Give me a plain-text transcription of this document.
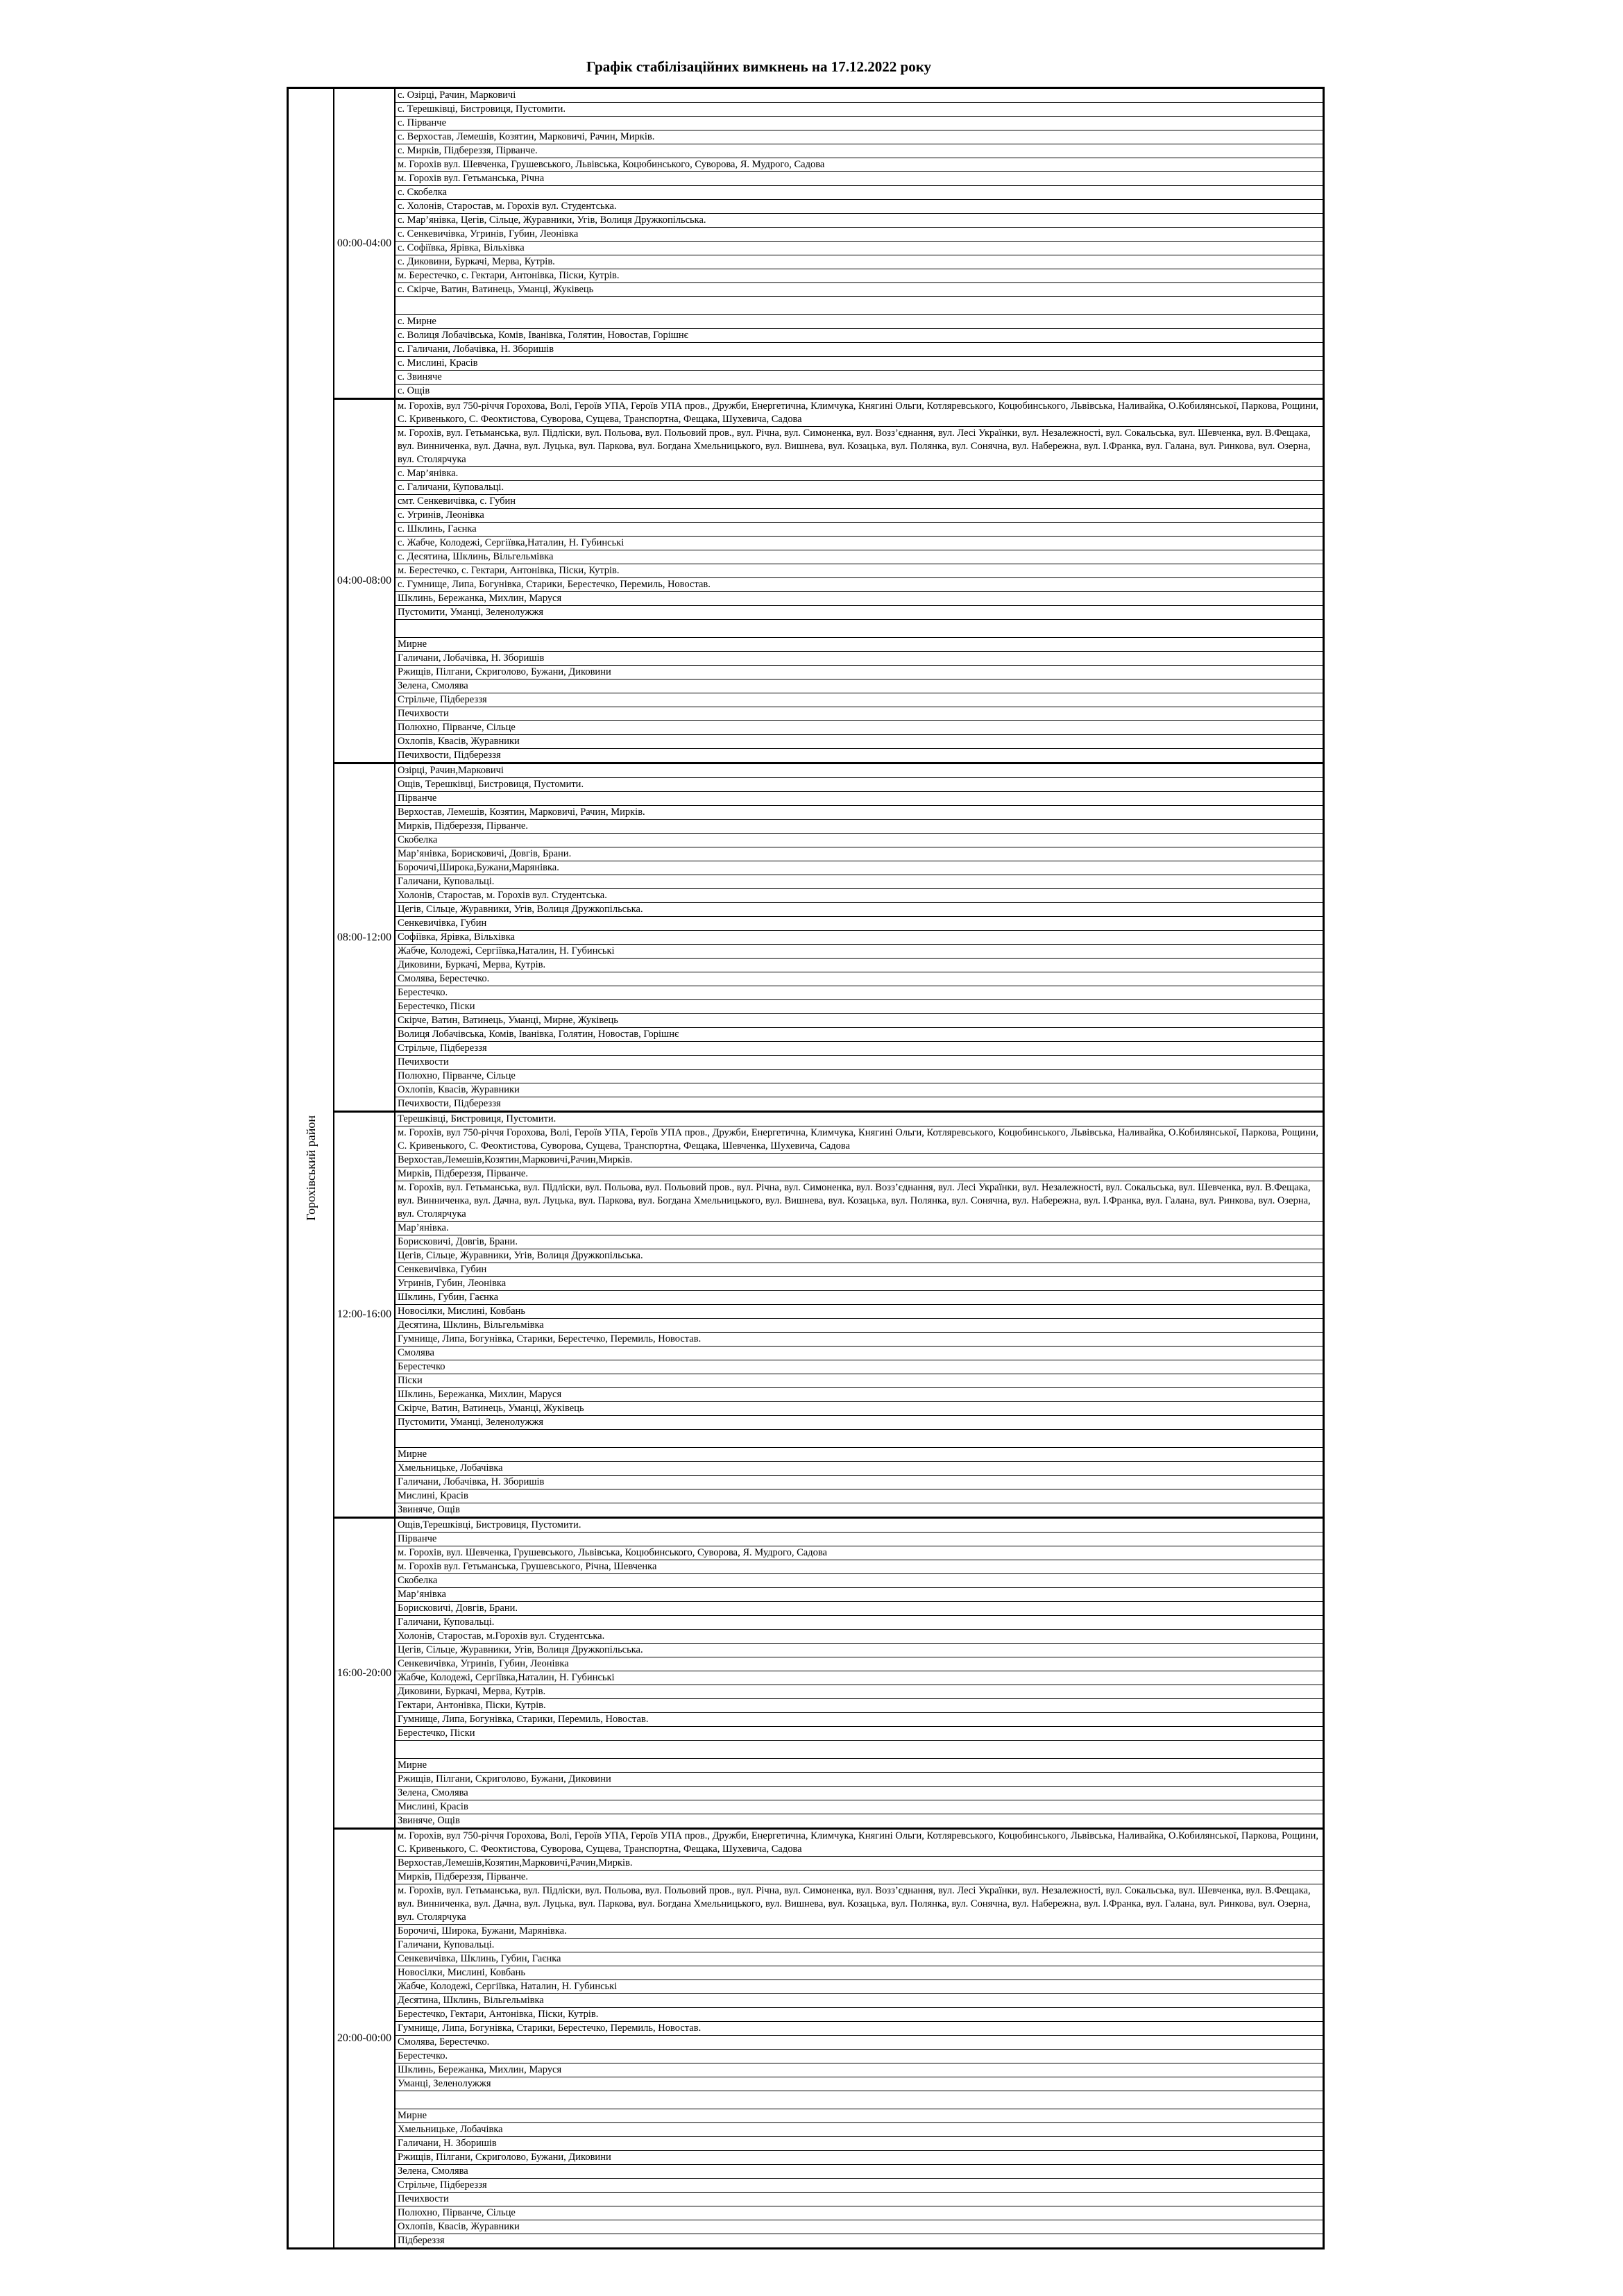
Графік стабілізаційних вимкнень на 17.12.2022 року
Горохівський район
00:00-04:00
с. Озірці, Рачин, Марковичі
с. Терешківці, Бистровиця, Пустомити.
с. Пірванче
с. Верхостав, Лемешів, Козятин, Марковичі, Рачин, Мирків.
с. Мирків, Підбереззя, Пірванче.
м. Горохів вул. Шевченка, Грушевського, Львівська, Коцюбинського, Суворова, Я. Мудрого, Садова
м. Горохів вул. Гетьманська, Річна
с. Скобелка
с. Холонів, Старостав, м. Горохів вул. Студентська.
с. Мар’янівка, Цегів, Сільце, Журавники, Угів, Волиця Дружкопільська.
с. Сенкевичівка, Угринів, Губин, Леонівка
с. Софіївка, Ярівка, Вільхівка
с. Диковини, Буркачі, Мерва, Кутрів.
м. Берестечко, с. Гектари, Антонівка, Піски, Кутрів.
с. Скірче, Ватин, Ватинець, Уманці, Жуківець
с. Мирне
с. Волиця Лобачівська, Комів, Іванівка, Голятин, Новостав, Горішнє
с. Галичани, Лобачівка, Н. Зборишів
с. Мислині, Красів
с. Звиняче
с. Ощів
04:00-08:00
м. Горохів, вул 750-річчя Горохова, Волі, Героїв УПА, Героїв УПА пров., Дружби, Енергетична, Климчука, Княгині Ольги, Котляревського, Коцюбинського, Львівська, Наливайка, О.Кобилянської, Паркова, Рощини, С. Кривенького, С. Феоктистова, Суворова, Сущева, Транспортна, Фещака, Шухевича, Садова
м. Горохів, вул. Гетьманська, вул. Підліски, вул. Польова, вул. Польовий пров., вул. Річна, вул. Симоненка, вул. Возз’єднання, вул. Лесі Українки, вул. Незалежності, вул. Сокальська, вул. Шевченка, вул. В.Фещака, вул. Винниченка, вул. Дачна, вул. Луцька, вул. Паркова, вул. Богдана Хмельницького, вул. Вишнева, вул. Козацька, вул. Полянка, вул. Сонячна, вул. Набережна, вул. І.Франка, вул. Галана, вул. Ринкова, вул. Озерна, вул. Столярчука
с. Мар’янівка.
с. Галичани, Куповальці.
смт. Сенкевичівка, с. Губин
с. Угринів, Леонівка
с. Шклинь, Гаєнка
с. Жабче, Колодежі, Сергіївка,Наталин, Н. Губинські
с. Десятина, Шклинь, Вільгельмівка
м. Берестечко, с. Гектари, Антонівка, Піски, Кутрів.
с. Гумнище, Липа, Богунівка, Старики, Берестечко, Перемиль, Новостав.
Шклинь, Бережанка, Михлин, Маруся
Пустомити, Уманці, Зеленолужжя
Мирне
Галичани, Лобачівка, Н. Зборишів
Ржищів, Пілгани, Скриголово, Бужани, Диковини
Зелена, Смолява
Стрільче, Підбереззя
Печихвости
Полюхно, Пірванче, Сільце
Охлопів, Квасів, Журавники
Печихвости, Підбереззя
08:00-12:00
Озірці, Рачин,Марковичі
Ощів, Терешківці, Бистровиця, Пустомити.
Пірванче
Верхостав, Лемешів, Козятин, Марковичі, Рачин, Мирків.
Мирків, Підбереззя, Пірванче.
Скобелка
Мар’янівка, Борисковичі, Довгів, Брани.
Борочичі,Широка,Бужани,Марянівка.
Галичани, Куповальці.
Холонів, Старостав, м. Горохів вул. Студентська.
Цегів, Сільце, Журавники, Угів, Волиця Дружкопільська.
Сенкевичівка, Губин
Софіївка, Ярівка, Вільхівка
Жабче, Колодежі, Сергіївка,Наталин, Н. Губинські
Диковини, Буркачі, Мерва, Кутрів.
Смолява, Берестечко.
Берестечко.
Берестечко, Піски
Скірче, Ватин, Ватинець, Уманці, Мирне, Жуківець
Волиця Лобачівська, Комів, Іванівка, Голятин, Новостав, Горішнє
Стрільче, Підбереззя
Печихвости
Полюхно, Пірванче, Сільце
Охлопів, Квасів, Журавники
Печихвости, Підбереззя
12:00-16:00
Терешківці, Бистровиця, Пустомити.
м. Горохів, вул 750-річчя Горохова, Волі, Героїв УПА, Героїв УПА пров., Дружби, Енергетична, Климчука, Княгині Ольги, Котляревського, Коцюбинського, Львівська, Наливайка, О.Кобилянської, Паркова, Рощини, С. Кривенького, С. Феоктистова, Суворова, Сущева, Транспортна, Фещака, Шевченка, Шухевича, Садова
Верхостав,Лемешів,Козятин,Марковичі,Рачин,Мирків.
Мирків, Підбереззя, Пірванче.
м. Горохів, вул. Гетьманська, вул. Підліски, вул. Польова, вул. Польовий пров., вул. Річна, вул. Симоненка, вул. Возз’єднання, вул. Лесі Українки, вул. Незалежності, вул. Сокальська, вул. Шевченка, вул. В.Фещака, вул. Винниченка, вул. Дачна, вул. Луцька, вул. Паркова, вул. Богдана Хмельницького, вул. Вишнева, вул. Козацька, вул. Полянка, вул. Сонячна, вул. Набережна, вул. І.Франка, вул. Галана, вул. Ринкова, вул. Озерна, вул. Столярчука
Мар’янівка.
Борисковичі, Довгів, Брани.
Цегів, Сільце, Журавники, Угів, Волиця Дружкопільська.
Сенкевичівка, Губин
Угринів, Губин, Леонівка
Шклинь, Губин, Гаєнка
Новосілки, Мислині, Ковбань
Десятина, Шклинь, Вільгельмівка
Гумнище, Липа, Богунівка, Старики, Берестечко, Перемиль, Новостав.
Смолява
Берестечко
Піски
Шклинь, Бережанка, Михлин, Маруся
Скірче, Ватин, Ватинець, Уманці, Жуківець
Пустомити, Уманці, Зеленолужжя
Мирне
Хмельницьке, Лобачівка
Галичани, Лобачівка, Н. Зборишів
Мислині, Красів
Звиняче, Ощів
16:00-20:00
Ощів,Терешківці, Бистровиця, Пустомити.
Пірванче
м. Горохів, вул. Шевченка, Грушевського, Львівська, Коцюбинського, Суворова, Я. Мудрого, Садова
м. Горохів вул. Гетьманська, Грушевського, Річна, Шевченка
Скобелка
Мар’янівка
Борисковичі, Довгів, Брани.
Галичани, Куповальці.
Холонів, Старостав, м.Горохів вул. Студентська.
Цегів, Сільце, Журавники, Угів, Волиця Дружкопільська.
Сенкевичівка, Угринів, Губин, Леонівка
Жабче, Колодежі, Сергіївка,Наталин, Н. Губинські
Диковини, Буркачі, Мерва, Кутрів.
Гектари, Антонівка, Піски, Кутрів.
Гумнище, Липа, Богунівка, Старики, Перемиль, Новостав.
Берестечко, Піски
Мирне
Ржищів, Пілгани, Скриголово, Бужани, Диковини
Зелена, Смолява
Мислині, Красів
Звиняче, Ощів
20:00-00:00
м. Горохів, вул 750-річчя Горохова, Волі, Героїв УПА, Героїв УПА пров., Дружби, Енергетична, Климчука, Княгині Ольги, Котляревського, Коцюбинського, Львівська, Наливайка, О.Кобилянської, Паркова, Рощини, С. Кривенького, С. Феоктистова, Суворова, Сущева, Транспортна, Фещака, Шухевича, Садова
Верхостав,Лемешів,Козятин,Марковичі,Рачин,Мирків.
Мирків, Підбереззя, Пірванче.
м. Горохів, вул. Гетьманська, вул. Підліски, вул. Польова, вул. Польовий пров., вул. Річна, вул. Симоненка, вул. Возз’єднання, вул. Лесі Українки, вул. Незалежності, вул. Сокальська, вул. Шевченка, вул. В.Фещака, вул. Винниченка, вул. Дачна, вул. Луцька, вул. Паркова, вул. Богдана Хмельницького, вул. Вишнева, вул. Козацька, вул. Полянка, вул. Сонячна, вул. Набережна, вул. І.Франка, вул. Галана, вул. Ринкова, вул. Озерна, вул. Столярчука
Борочичі, Широка, Бужани, Марянівка.
Галичани, Куповальці.
Сенкевичівка, Шклинь, Губин, Гаєнка
Новосілки, Мислині, Ковбань
Жабче, Колодежі, Сергіївка, Наталин, Н. Губинські
Десятина, Шклинь, Вільгельмівка
Берестечко, Гектари, Антонівка, Піски, Кутрів.
Гумнище, Липа, Богунівка, Старики, Берестечко, Перемиль, Новостав.
Смолява, Берестечко.
Берестечко.
Шклинь, Бережанка, Михлин, Маруся
Уманці, Зеленолужжя
Мирне
Хмельницьке, Лобачівка
Галичани, Н. Зборишів
Ржищів, Пілгани, Скриголово, Бужани, Диковини
Зелена, Смолява
Стрільче, Підбереззя
Печихвости
Полюхно, Пірванче, Сільце
Охлопів, Квасів, Журавники
Підбереззя
